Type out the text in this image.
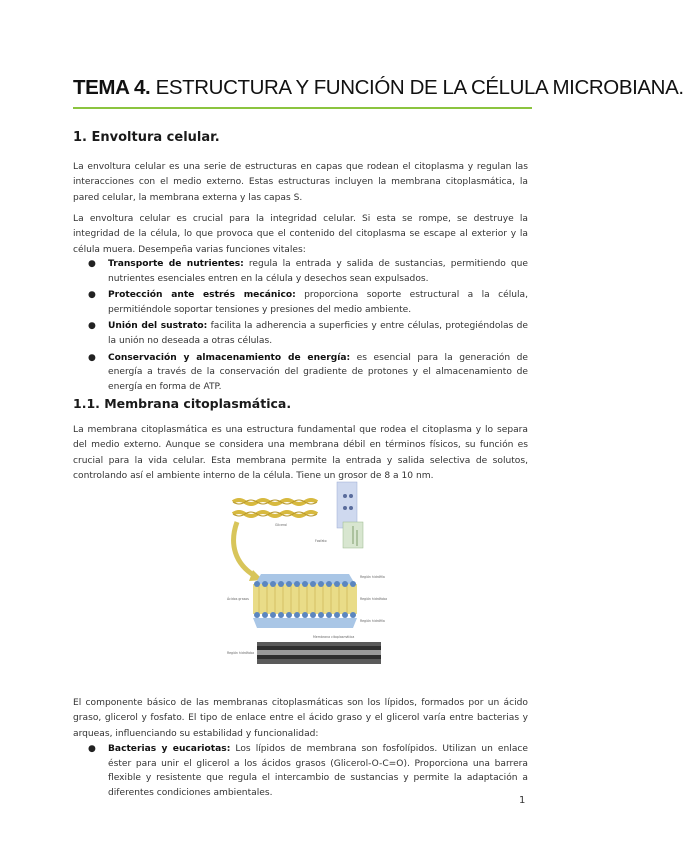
TEMA 4. ESTRUCTURA Y FUNCIÓN DE LA CÉLULA MICROBIANA.
1. Envoltura celular.
La envoltura celular es una serie de estructuras en capas que rodean el citoplasma y regulan las interacciones con el medio externo. Estas estructuras incluyen la membrana citoplasmática, la pared celular, la membrana externa y las capas S.
La envoltura celular es crucial para la integridad celular. Si esta se rompe, se destruye la integridad de la célula, lo que provoca que el contenido del citoplasma se escape al exterior y la célula muera. Desempeña varias funciones vitales:
● Transporte de nutrientes: regula la entrada y salida de sustancias, permitiendo que nutrientes esenciales entren en la célula y desechos sean expulsados.
● Protección ante estrés mecánico: proporciona soporte estructural a la célula, permitiéndole soportar tensiones y presiones del medio ambiente.
● Unión del sustrato: facilita la adherencia a superficies y entre células, protegiéndolas de la unión no deseada a otras células.
● Conservación y almacenamiento de energía: es esencial para la generación de energía a través de la conservación del gradiente de protones y el almacenamiento de energía en forma de ATP.
1.1. Membrana citoplasmática.
La membrana citoplasmática es una estructura fundamental que rodea el citoplasma y lo separa del medio externo. Aunque se considera una membrana débil en términos físicos, su función es crucial para la vida celular. Esta membrana permite la entrada y salida selectiva de solutos, controlando así el ambiente interno de la célula. Tiene un grosor de 8 a 10 nm.
Glicerol
Fosfato
Ácidos grasos
Región hidrófila
Región hidrófoba
Región hidrófila
Membrana citoplasmática
Región hidrófoba
El componente básico de las membranas citoplasmáticas son los lípidos, formados por un ácido graso, glicerol y fosfato. El tipo de enlace entre el ácido graso y el glicerol varía entre bacterias y arqueas, influenciando su estabilidad y funcionalidad:
● Bacterias y eucariotas: Los lípidos de membrana son fosfolípidos. Utilizan un enlace éster para unir el glicerol a los ácidos grasos (Glicerol-O-C=O). Proporciona una barrera flexible y resistente que regula el intercambio de sustancias y permite la adaptación a diferentes condiciones ambientales.
1
